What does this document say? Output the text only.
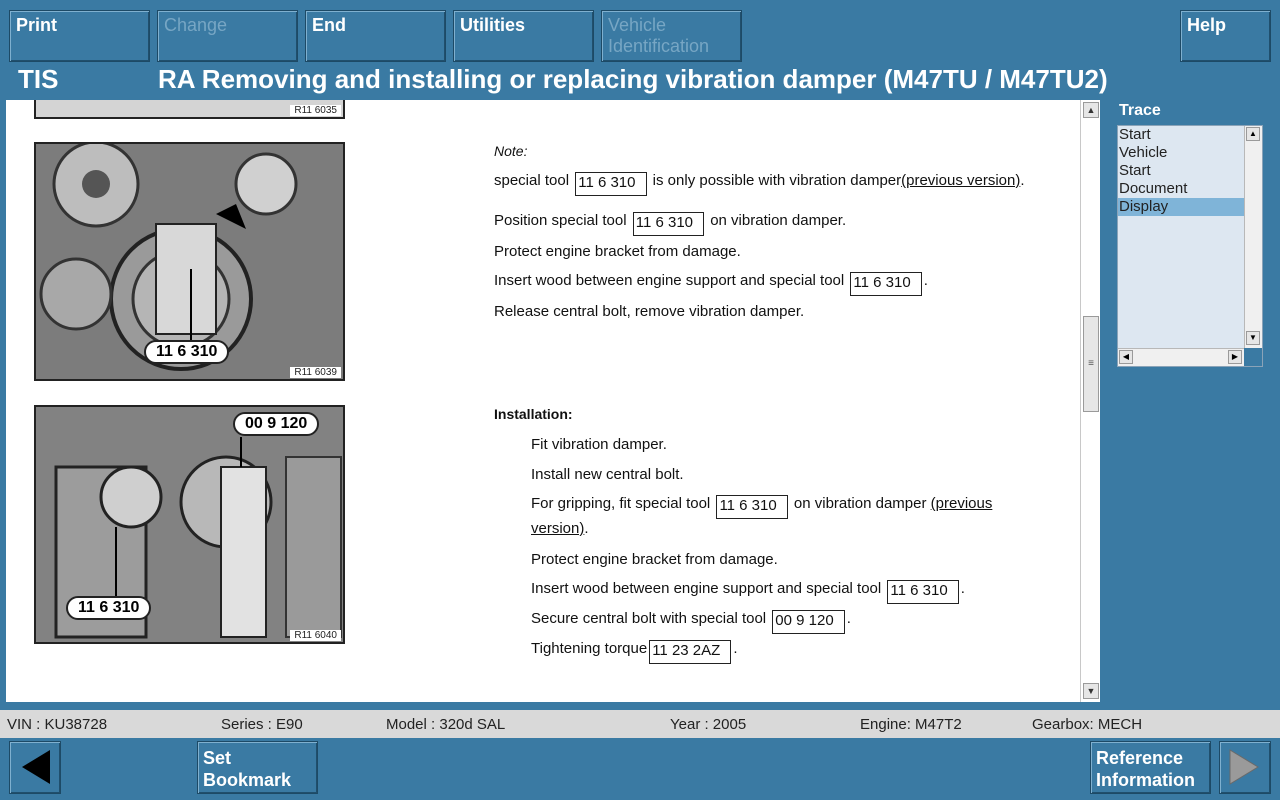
Print	Change	End	Utilities	Vehicle Identification
Help
TIS	RA Removing and installing or replacing vibration damper (M47TU / M47TU2)
R11 6035
R11 6039
11 6 310
R11 6040
00 9 120
11 6 310
Note:
special tool 11 6 310 is only possible with vibration damper(previous version).
Position special tool 11 6 310 on vibration damper.
Protect engine bracket from damage.
Insert wood between engine support and special tool 11 6 310 .
Release central bolt, remove vibration damper.
Installation:
Fit vibration damper.
Install new central bolt.
For gripping, fit special tool 11 6 310 on vibration damper (previous
version).
Protect engine bracket from damage.
Insert wood between engine support and special tool 11 6 310 .
Secure central bolt with special tool 00 9 120 .
Tightening torque 11 23 2AZ .
▲
≡
▼
Trace
Start
Vehicle
Start
Document
Display
▲
▼
◀	▶
VIN : KU38728	Series : E90	Model : 320d SAL	Year : 2005	Engine: M47T2	Gearbox: MECH
Set
Bookmark
Reference
Information
